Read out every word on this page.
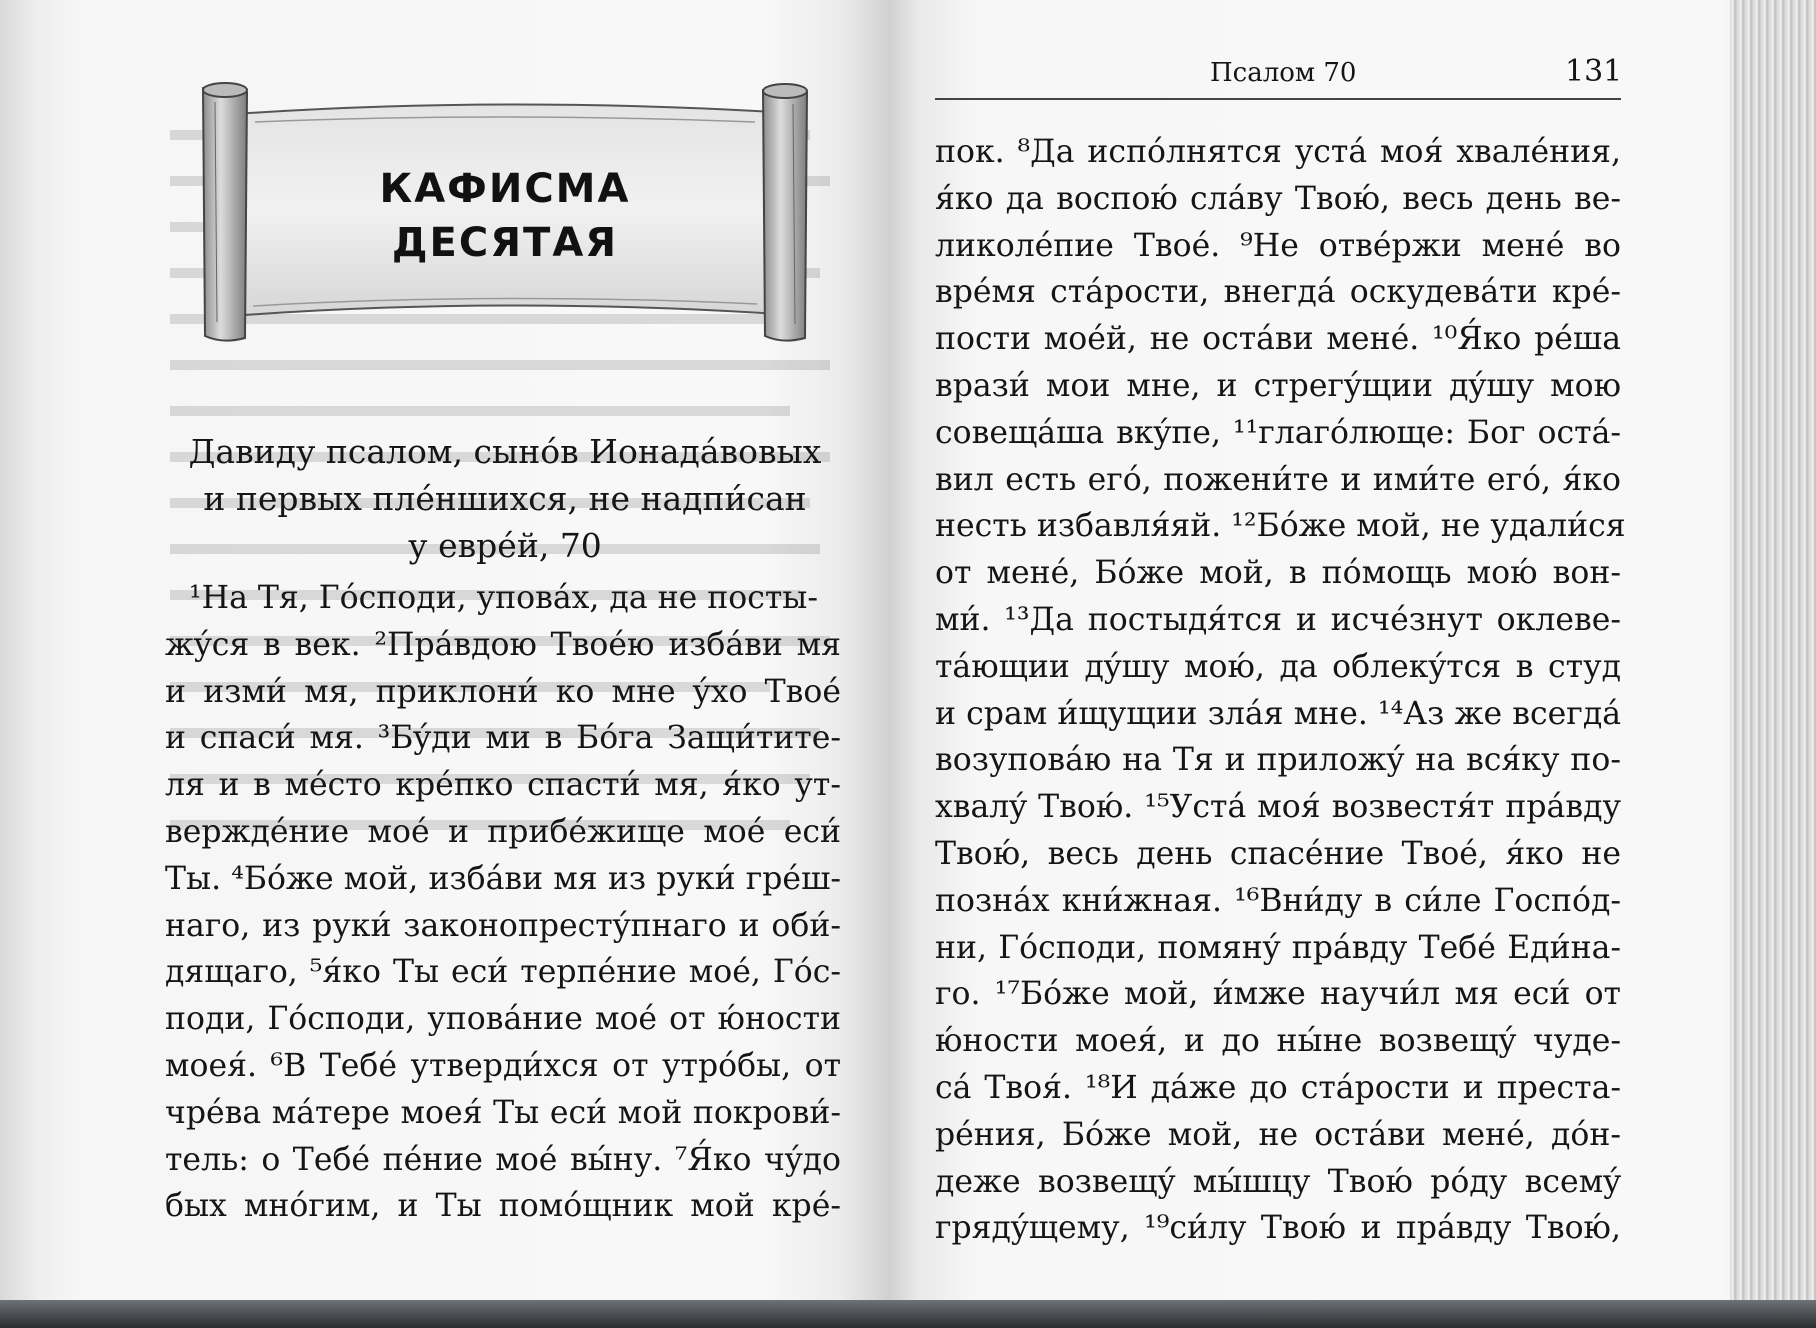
КАФИСМА
ДЕСЯТАЯ
Давиду псалом, сынóв Ионадáвовых
и первых плéншихся, не надпи́сан
у еврéй, 70
¹На Тя, Гóсподи, уповáх, да не посты-
жýся в век. ²Прáвдою Твоéю избáви мя
и изми́ мя, приклони́ ко мне ýхо Твоé
и спаси́ мя. ³Бýди ми в Бóга Защи́тите-
ля и в мéсто крéпко спасти́ мя, я́ко ут-
верждéние моé и прибéжище моé еси́
Ты. ⁴Бóже мой, избáви мя из руки́ грéш-
наго, из руки́ законопрестýпнаго и оби́-
дящаго, ⁵я́ко Ты еси́ терпéние моé, Гóс-
поди, Гóсподи, уповáние моé от ю́ности
моея́. ⁶В Тебé утверди́хся от утрóбы, от
чрéва мáтере моея́ Ты еси́ мой покрови́-
тель: о Тебé пéние моé вы́ну. ⁷Я́ко чýдо
бых мнóгим, и Ты помóщник мой крé-
Псалом 70	131
пок. ⁸Да испóлнятся устá моя́ хвалéния,
я́ко да воспою́ слáву Твою́, весь день ве-
ликолéпие Твоé. ⁹Не отвéржи менé во
врéмя стáрости, внегдá оскудевáти крé-
пости моéй, не остáви менé. ¹⁰Я́ко рéша
врази́ мои мне, и стрегýщии дýшу мою
совещáша вкýпе, ¹¹глагóлюще: Бог остá-
вил есть егó, пожени́те и ими́те егó, я́ко
несть избавля́яй. ¹²Бóже мой, не удали́ся
от менé, Бóже мой, в пóмощь мою́ вон-
ми́. ¹³Да постыдя́тся и исчéзнут оклеве-
тáющии дýшу мою́, да облекýтся в студ
и срам и́щущии злáя мне. ¹⁴Аз же всегдá
возуповáю на Тя и приложý на вся́ку по-
хвалý Твою́. ¹⁵Устá моя́ возвестя́т прáвду
Твою́, весь день спасéние Твоé, я́ко не
познáх кни́жная. ¹⁶Вни́ду в си́ле Госпóд-
ни, Гóсподи, помянý прáвду Тебé Еди́на-
го. ¹⁷Бóже мой, и́мже научи́л мя еси́ от
ю́ности моея́, и до ны́не возвещý чуде-
сá Твоя́. ¹⁸И дáже до стáрости и преста-
рéния, Бóже мой, не остáви менé, дóн-
деже возвещý мы́шцу Твою́ рóду всемý
грядýщему, ¹⁹си́лу Твою́ и прáвду Твою́,
